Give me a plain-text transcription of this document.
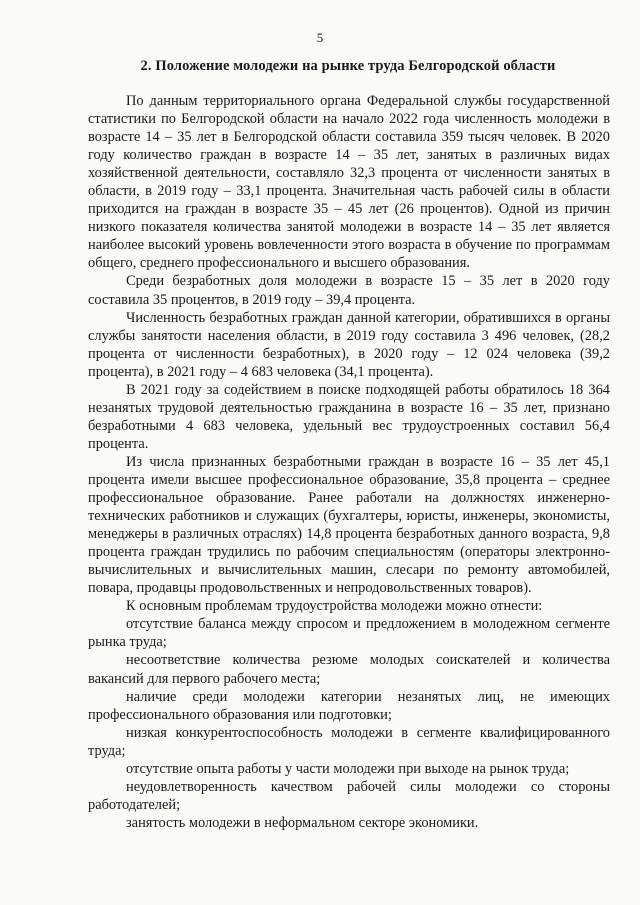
5
2. Положение молодежи на рынке труда Белгородской области

По данным территориального органа Федеральной службы государственной статистики по Белгородской области на начало 2022 года численность молодежи в возрасте 14 – 35 лет в Белгородской области составила 359 тысяч человек. В 2020 году количество граждан в возрасте 14 – 35 лет, занятых в различных видах хозяйственной деятельности, составляло 32,3 процента от численности занятых в области, в 2019 году – 33,1 процента. Значительная часть рабочей силы в области приходится на граждан в возрасте 35 – 45 лет (26 процентов). Одной из причин низкого показателя количества занятой молодежи в возрасте 14 – 35 лет является наиболее высокий уровень вовлеченности этого возраста в обучение по программам общего, среднего профессионального и высшего образования.

Среди безработных доля молодежи в возрасте 15 – 35 лет в 2020 году составила 35 процентов, в 2019 году – 39,4 процента.

Численность безработных граждан данной категории, обратившихся в органы службы занятости населения области, в 2019 году составила 3 496 человек, (28,2 процента от численности безработных), в 2020 году – 12 024 человека (39,2 процента), в 2021 году – 4 683 человека (34,1 процента).

В 2021 году за содействием в поиске подходящей работы обратилось 18 364 незанятых трудовой деятельностью гражданина в возрасте 16 – 35 лет, признано безработными 4 683 человека, удельный вес трудоустроенных составил 56,4 процента.

Из числа признанных безработными граждан в возрасте 16 – 35 лет 45,1 процента имели высшее профессиональное образование, 35,8 процента – среднее профессиональное образование. Ранее работали на должностях инженерно-технических работников и служащих (бухгалтеры, юристы, инженеры, экономисты, менеджеры в различных отраслях) 14,8 процента безработных данного возраста, 9,8 процента граждан трудились по рабочим специальностям (операторы электронно-вычислительных и вычислительных машин, слесари по ремонту автомобилей, повара, продавцы продовольственных и непродовольственных товаров).

К основным проблемам трудоустройства молодежи можно отнести:

отсутствие баланса между спросом и предложением в молодежном сегменте рынка труда;

несоответствие количества резюме молодых соискателей и количества вакансий для первого рабочего места;

наличие среди молодежи категории незанятых лиц, не имеющих профессионального образования или подготовки;

низкая конкурентоспособность молодежи в сегменте квалифицированного труда;

отсутствие опыта работы у части молодежи при выходе на рынок труда;

неудовлетворенность качеством рабочей силы молодежи со стороны работодателей;

занятость молодежи в неформальном секторе экономики.
